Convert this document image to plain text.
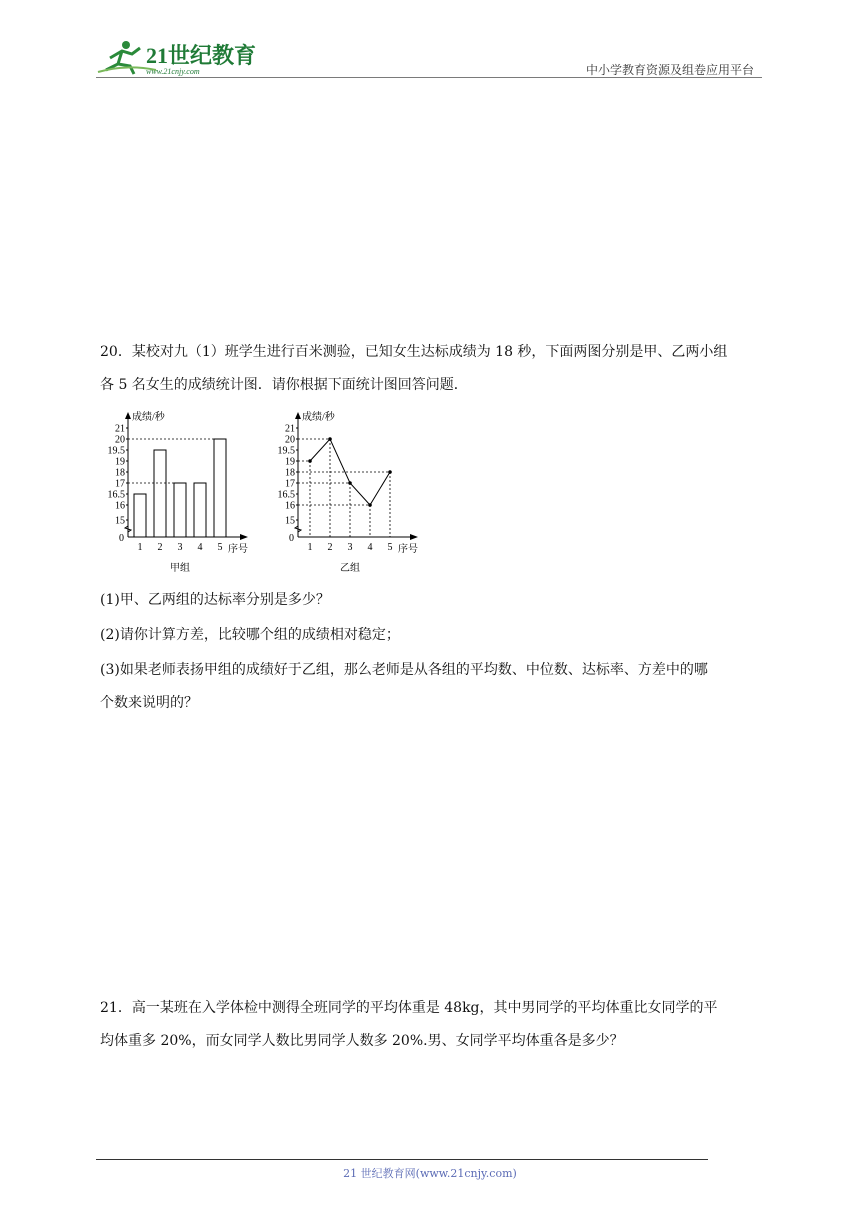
21世纪教育
www.21cnjy.com	中小学教育资源及组卷应用平台
20．某校对九（1）班学生进行百米测验，已知女生达标成绩为 18 秒，下面两图分别是甲、乙两小组
各 5 名女生的成绩统计图．请你根据下面统计图回答问题．
成绩/秒
0
15
16
16.5
17
18
19
19.5
20
21
1 2 3 4 5 序号
甲组
成绩/秒
0
15
16
16.5
17
18
19
19.5
20
21
1 2 3 4 5 序号
乙组
(1)甲、乙两组的达标率分别是多少？
(2)请你计算方差，比较哪个组的成绩相对稳定；
(3)如果老师表扬甲组的成绩好于乙组，那么老师是从各组的平均数、中位数、达标率、方差中的哪
个数来说明的？
21．高一某班在入学体检中测得全班同学的平均体重是 48kg，其中男同学的平均体重比女同学的平
均体重多 20%，而女同学人数比男同学人数多 20%.男、女同学平均体重各是多少？
21 世纪教育网(www.21cnjy.com)
